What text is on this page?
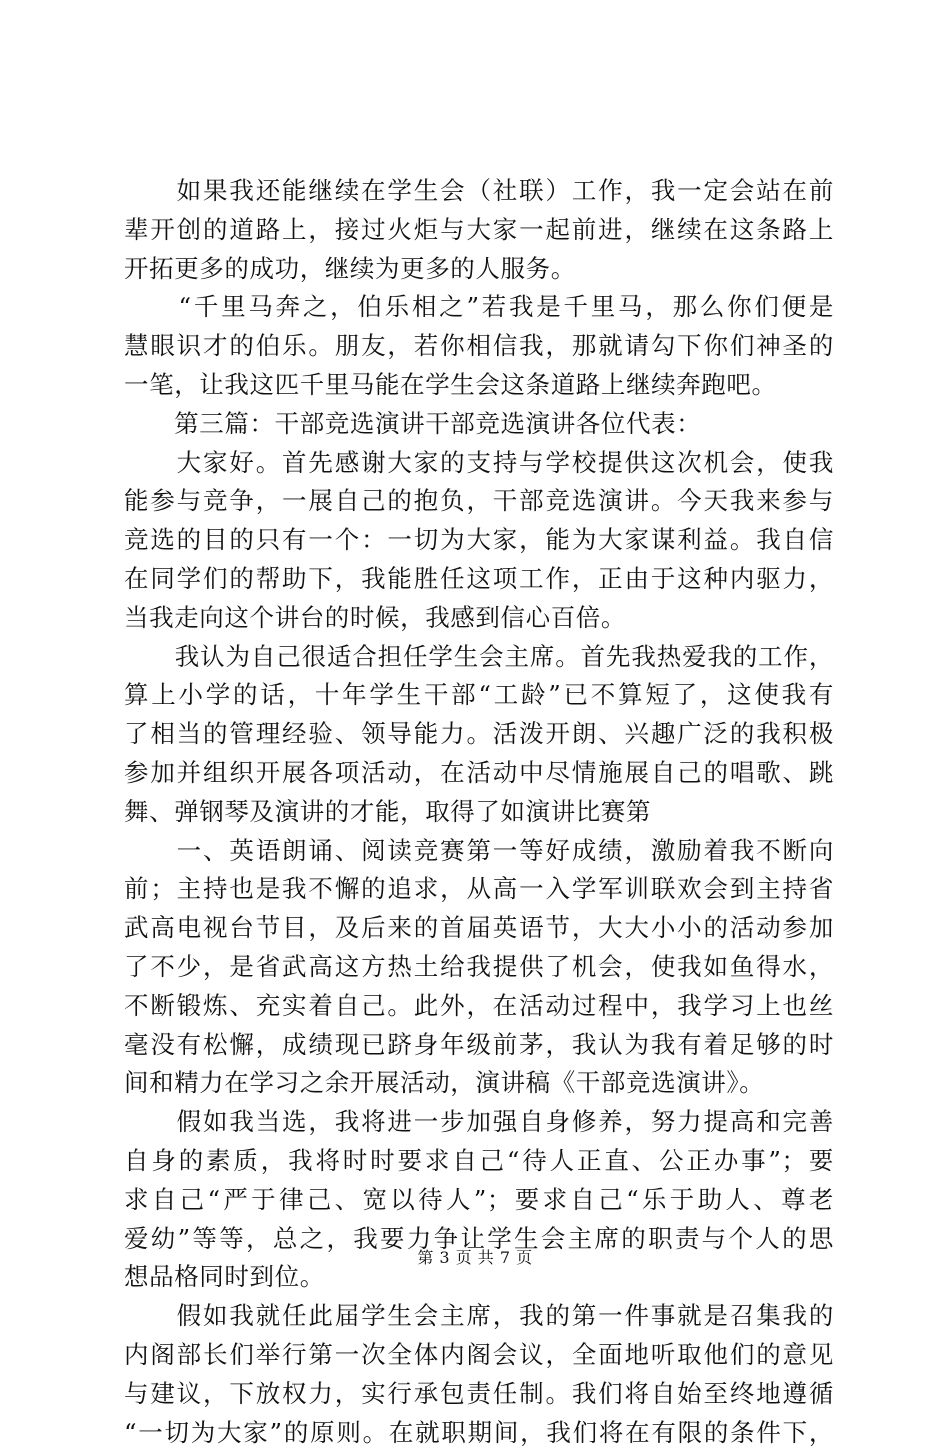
　　如果我还能继续在学生会（社联）工作，我一定会站在前
辈开创的道路上，接过火炬与大家一起前进，继续在这条路上
开拓更多的成功，继续为更多的人服务。
　　“千里马奔之，伯乐相之”若我是千里马，那么你们便是
慧眼识才的伯乐。朋友，若你相信我，那就请勾下你们神圣的
一笔，让我这匹千里马能在学生会这条道路上继续奔跑吧。
　　第三篇：干部竞选演讲干部竞选演讲各位代表：
　　大家好。首先感谢大家的支持与学校提供这次机会，使我
能参与竞争，一展自己的抱负，干部竞选演讲。今天我来参与
竞选的目的只有一个：一切为大家，能为大家谋利益。我自信
在同学们的帮助下，我能胜任这项工作，正由于这种内驱力，
当我走向这个讲台的时候，我感到信心百倍。
　　我认为自己很适合担任学生会主席。首先我热爱我的工作，
算上小学的话，十年学生干部“工龄”已不算短了，这使我有
了相当的管理经验、领导能力。活泼开朗、兴趣广泛的我积极
参加并组织开展各项活动，在活动中尽情施展自己的唱歌、跳
舞、弹钢琴及演讲的才能，取得了如演讲比赛第
　　一、英语朗诵、阅读竞赛第一等好成绩，激励着我不断向
前；主持也是我不懈的追求，从高一入学军训联欢会到主持省
武高电视台节目，及后来的首届英语节，大大小小的活动参加
了不少，是省武高这方热土给我提供了机会，使我如鱼得水，
不断锻炼、充实着自己。此外，在活动过程中，我学习上也丝
毫没有松懈，成绩现已跻身年级前茅，我认为我有着足够的时
间和精力在学习之余开展活动，演讲稿《干部竞选演讲》。
　　假如我当选，我将进一步加强自身修养，努力提高和完善
自身的素质，我将时时要求自己“待人正直、公正办事”；要
求自己“严于律己、宽以待人”；要求自己“乐于助人、尊老
爱幼”等等，总之，我要力争让学生会主席的职责与个人的思
想品格同时到位。
　　假如我就任此届学生会主席，我的第一件事就是召集我的
内阁部长们举行第一次全体内阁会议，全面地听取他们的意见
与建议，下放权力，实行承包责任制。我们将自始至终地遵循
“一切为大家”的原则。在就职期间，我们将在有限的条件下，
第 3 页 共 7 页
